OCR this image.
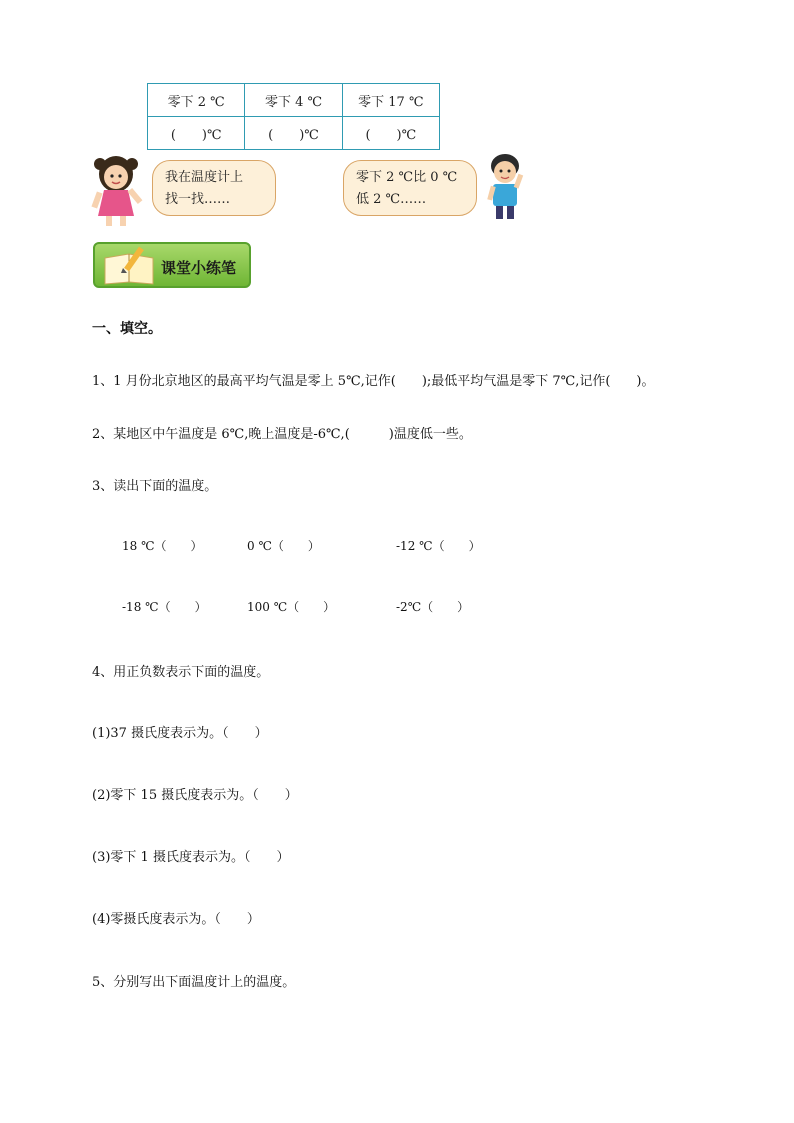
零下 2 ℃	零下 4 ℃	零下 17 ℃
(　　)℃	(　　)℃	(　　)℃
我在温度计上
找一找……
零下 2 ℃比 0 ℃
低 2 ℃……
课堂小练笔
一、填空。
1、1 月份北京地区的最高平均气温是零上 5℃,记作(　　);最低平均气温是零下 7℃,记作(　　)。
2、某地区中午温度是 6℃,晚上温度是-6℃,(　　　)温度低一些。
3、读出下面的温度。
18 ℃（　　）	0 ℃（　　）	-12 ℃（　　）
-18 ℃（　　）	100 ℃（　　）	-2℃（　　）
4、用正负数表示下面的温度。
(1)37 摄氏度表示为。（　　）
(2)零下 15 摄氏度表示为。（　　）
(3)零下 1 摄氏度表示为。（　　）
(4)零摄氏度表示为。（　　）
5、分别写出下面温度计上的温度。
